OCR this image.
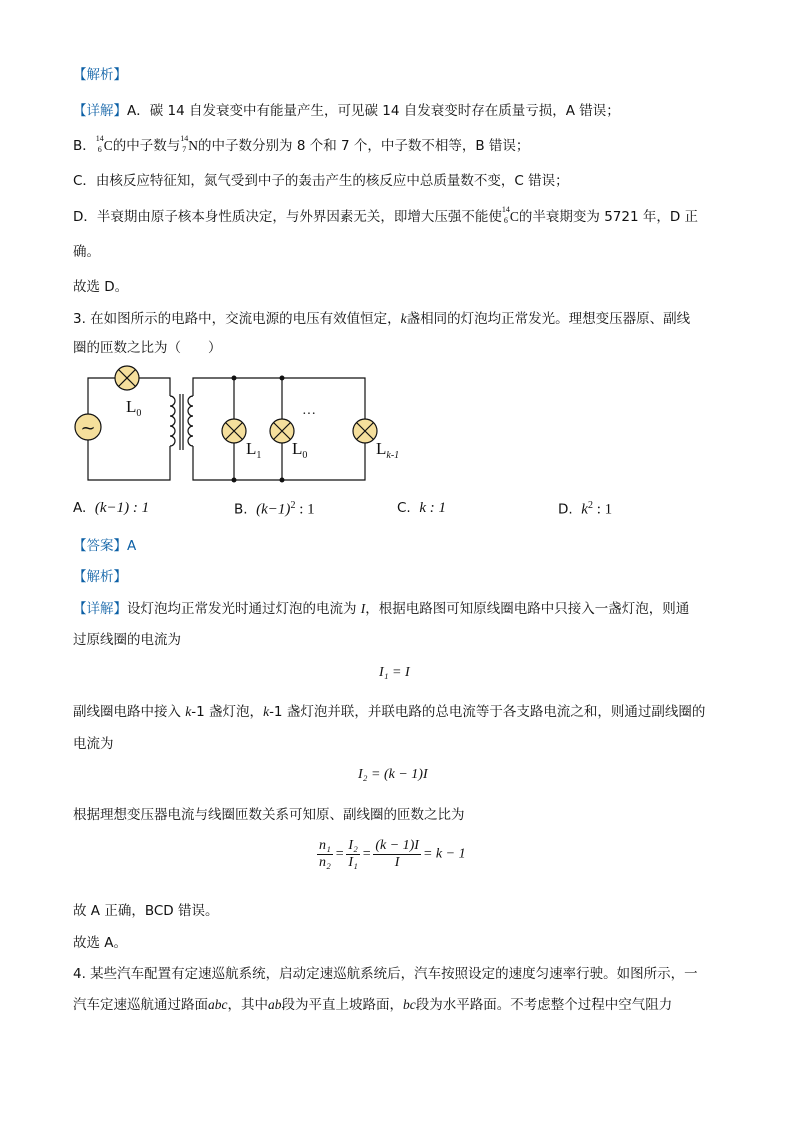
【解析】
【详解】A．碳 14 自发衰变中有能量产生，可见碳 14 自发衰变时存在质量亏损，A 错误；
B． 14
6 C的中子数与 14
7 N的中子数分别为 8 个和 7 个，中子数不相等，B 错误；
C．由核反应特征知，氮气受到中子的轰击产生的核反应中总质量数不变，C 错误；
D．半衰期由原子核本身性质决定，与外界因素无关，即增大压强不能使 14
6 C的半衰期变为 5721 年，D 正
确。
故选 D。
3. 在如图所示的电路中，交流电源的电压有效值恒定，k盏相同的灯泡均正常发光。理想变压器原、副线
圈的匝数之比为（　　）
~
$L_0$
$L_1$ $L_0$
···
$L_{k-1}$
A. (k−1) : 1	B. $(k-1)^2$ : 1	C. k : 1	D. $k^2$ : 1
【答案】A
【解析】
【详解】设灯泡均正常发光时通过灯泡的电流为 I，根据电路图可知原线圈电路中只接入一盏灯泡，则通
过原线圈的电流为
I₁ = I
副线圈电路中接入 k-1 盏灯泡，k-1 盏灯泡并联，并联电路的总电流等于各支路电流之和，则通过副线圈的
电流为
I₂ = (k − 1)I
根据理想变压器电流与线圈匝数关系可知原、副线圈的匝数之比为
$\frac{\text{n₁}}{\text{n₂}} = \frac{\text{I₂}}{\text{I₁}} = \frac{(k - 1)I}{I} = k - 1$
故 A 正确，BCD 错误。
故选 A。
4. 某些汽车配置有定速巡航系统，启动定速巡航系统后，汽车按照设定的速度匀速率行驶。如图所示，一
汽车定速巡航通过路面abc，其中ab段为平直上坡路面，bc段为水平路面。不考虑整个过程中空气阻力
